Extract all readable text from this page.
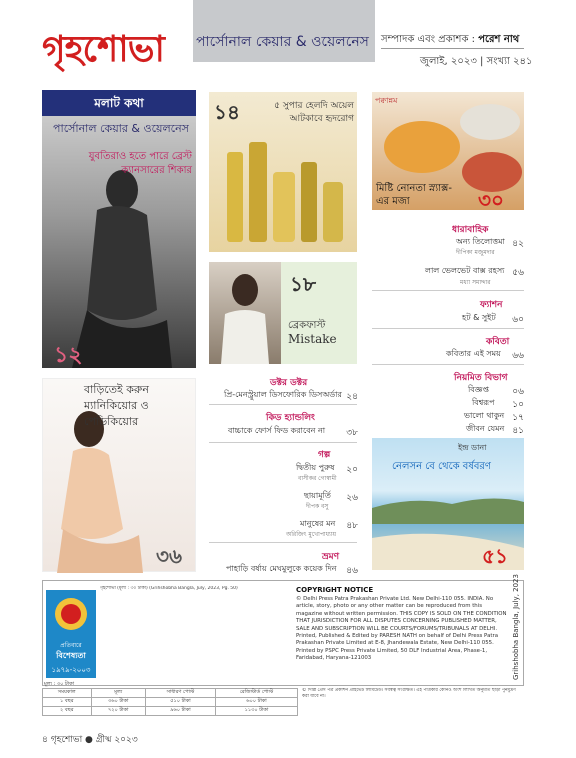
গৃহশোভা পার্সোনাল কেয়ার & ওয়েলনেস সম্পাদক এবং প্রকাশক : পরেশ নাথ
জুলাই, ২০২৩ | সংখ্যা ২৪১
মলাট কথা
পার্সোনাল কেয়ার & ওয়েলনেস
যুবতিরাও হতে পারে ব্রেস্ট ক্যানসারের শিকার
১২
১৪	৫ সুপার হেলদি অয়েল আটকাবে হৃদরোগ
১৮
ব্রেকফাস্ট
Mistake
পক্বান্নম
মিষ্টি নোনতা স্ন্যাক্স-এর মজা	৩০
ধারাবাহিক
অন্য তিলোত্তমা ৪২
দীপিকা মজুমদার
লাল ভেলভেট বাক্স রহস্য ৫৬
মধ্যা সমাদ্দার
ফ্যাশন
হট & সুইট	৬০
কবিতা
কবিতার এই সময়	৬৬
নিয়মিত বিভাগ
বিজ্ঞপ্ত	০৬
বিশ্বরূপ	১০
ভালো থাকুন ১৭
জীবন যেমন ৪১
বাড়িতেই করুন ম্যানিকিয়োর ও পেডিকিয়োর
৩৬
ডক্টর ডক্টর
প্রি-মেনস্ট্রুয়াল ডিসফোরিক ডিসঅর্ডার ২৪
কিড হ্যান্ডলিং
বাচ্চাকে ফোর্স ফিড করাবেন না	৩৮
গল্প
দ্বিতীয় পুরুষ	২০
বাসীকর গোস্বামী
ছায়ামূর্তি	২৬
দীপক বসু
মানুষের মন	৪৮
অরিজিৎ মুখোপাধ্যায়
ভ্রমণ
পাহাড়ি বর্ষায় মেঘমুলুকে কয়েক দিন	৪৬
ইন্দ্র ডানা
নেলসন বে থেকে বর্ষবরণ
৫১
প্রতিবারে
বিশেষ্যতা
১৯৭৯-২০০৩
গৃহশোভা (মূল্য : ৩০ টাকা) (Grihshobha Bangla, July, 2023, Pg. 50)	COPYRIGHT NOTICE
© Delhi Press Patra Prakashan Private Ltd. New Delhi-110 055. INDIA. No article, story, photo or any other matter can be reproduced from this magazine without written permission. THIS COPY IS SOLD ON THE CONDITION THAT JURISDICTION FOR ALL DISPUTES CONCERNING PUBLISHED MATTER, SALE AND SUBSCRIPTION WILL BE COURTS/FORUMS/TRIBUNALS AT DELHI. Printed, Published & Edited by PARESH NATH on behalf of Delhi Press Patra Prakashan Private Limited at E-8, Jhandewala Estate, New Delhi-110 055. Printed by PSPC Press Private Limited, 50 DLF Industrial Area, Phase-1, Faridabad, Haryana-121003	Grihshobha Bangla, July, 2023
মূল্য : ৩০ টাকা
সময়কাল	মূল্য	সাধারণ পোস্ট	রেজিস্টার্ড পোস্ট
১ বছর	৩৬০ টাকা	৫১০ টাকা	৬০০ টাকা
২ বছর	৭২০ টাকা	৯৬০ টাকা	১১৩০ টাকা
© দিল্লি প্রেস পত্র প্রকাশন প্রাইভেট লিমিটেড। সর্বস্বত্ব সংরক্ষিত। এই পত্রিকার কোনও অংশ লিখিত অনুমতি ছাড়া পুনর্মুদ্রণ করা যাবে না।
৪ গৃহশোভা ● গ্রীষ্ম ২০২৩
